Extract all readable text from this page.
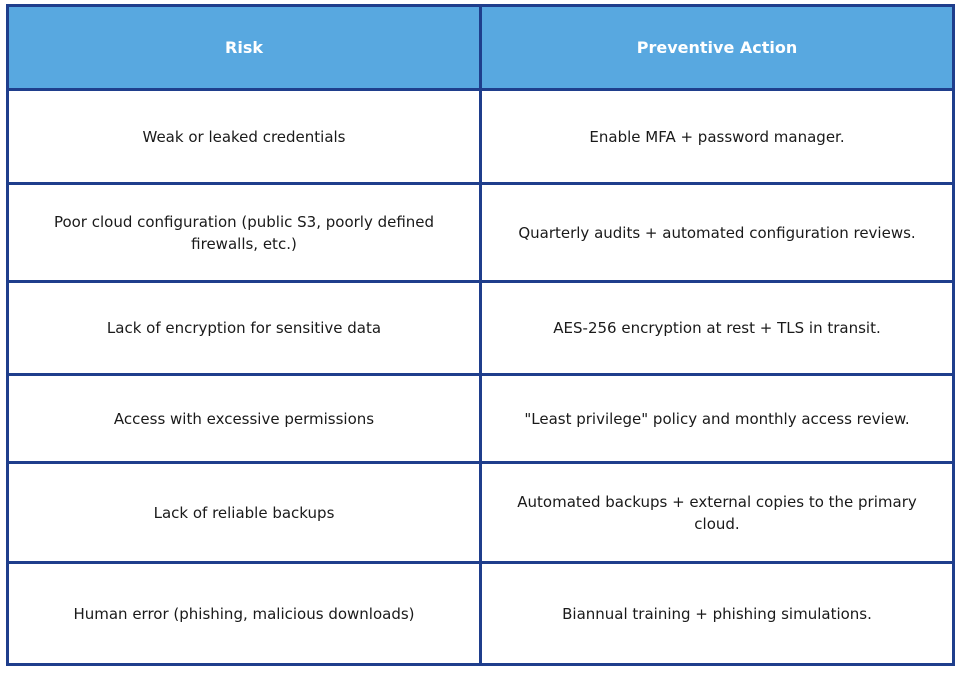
Risk	Preventive Action
Weak or leaked credentials	Enable MFA + password manager.
Poor cloud configuration (public S3, poorly defined firewalls, etc.)	Quarterly audits + automated configuration reviews.
Lack of encryption for sensitive data	AES-256 encryption at rest + TLS in transit.
Access with excessive permissions	"Least privilege" policy and monthly access review.
Lack of reliable backups	Automated backups + external copies to the primary cloud.
Human error (phishing, malicious downloads)	Biannual training + phishing simulations.
